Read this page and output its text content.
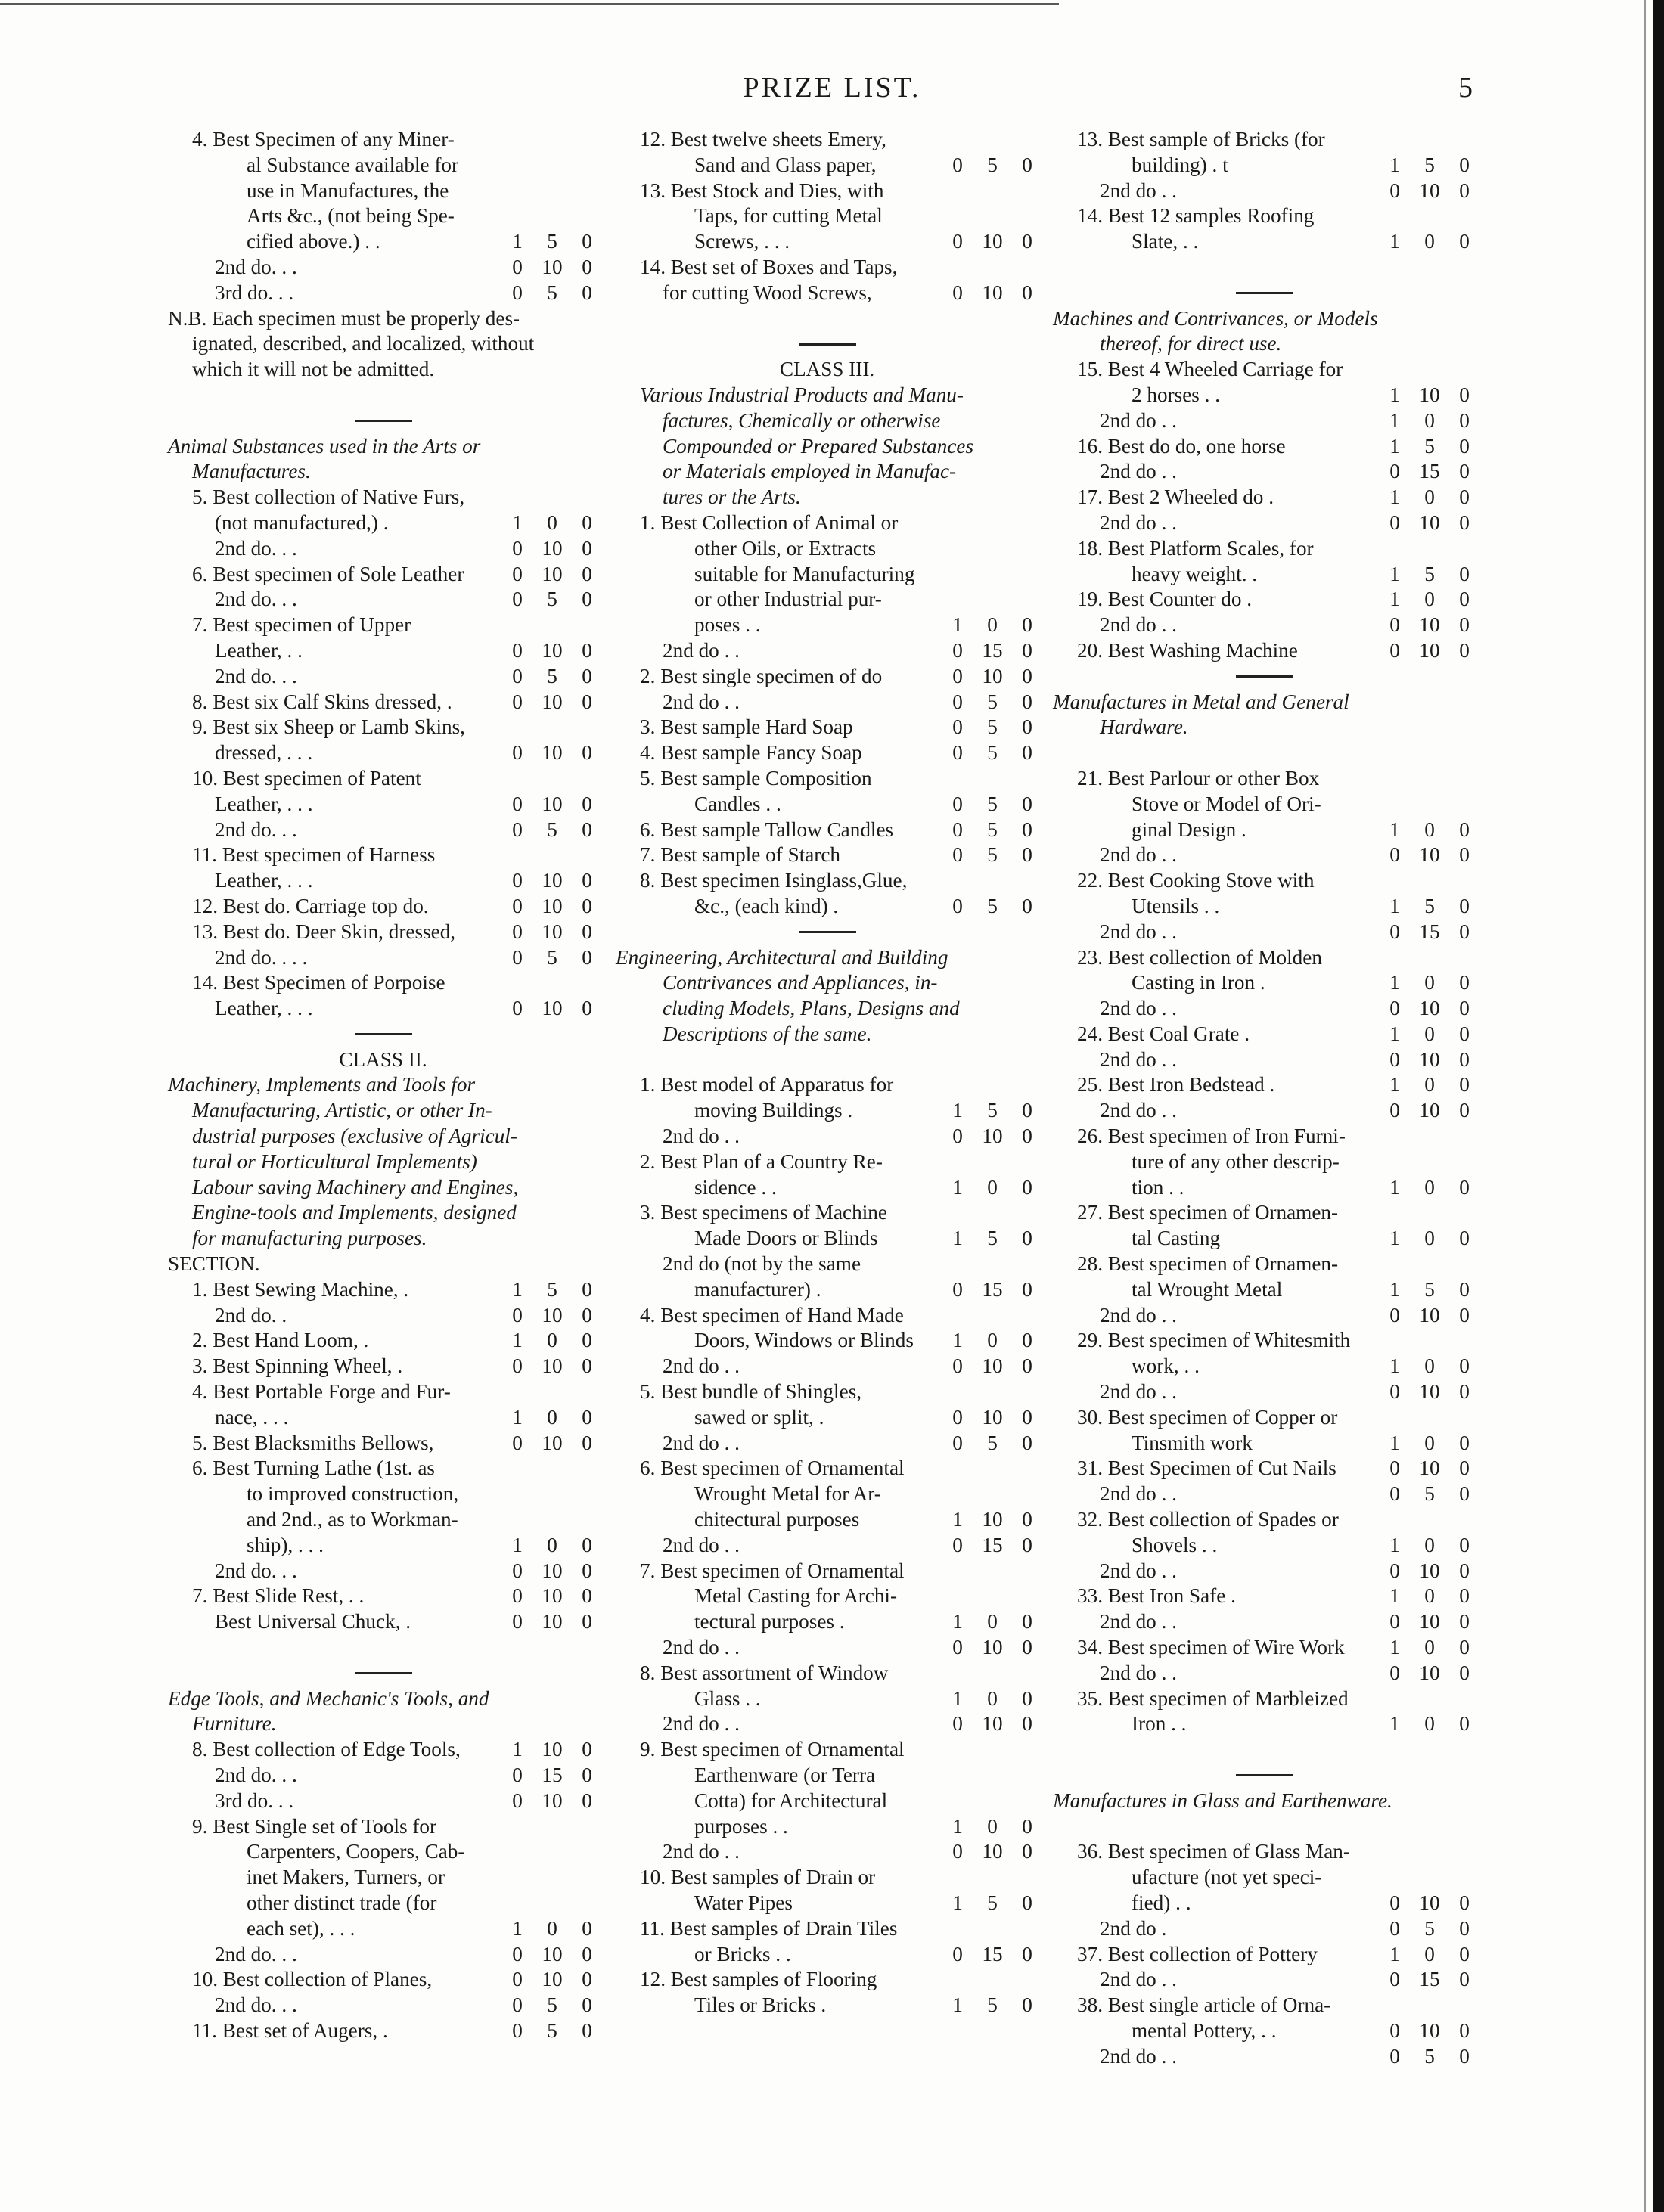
PRIZE LIST.	5
4. Best Specimen of any Miner-
al Substance available for
use in Manufactures, the
Arts &c., (not being Spe-
cified above.) . .	1	5	0
2nd do. . .	0 10 0
3rd do. . .	0	5	0
N.B. Each specimen must be properly des-
ignated, described, and localized, without
which it will not be admitted.
Animal Substances used in the Arts or
Manufactures.
5. Best collection of Native Furs,
(not manufactured,) .	1	0	0
2nd do. . .	0 10 0
6. Best specimen of Sole Leather	0 10 0
2nd do. . .	0	5	0
7. Best specimen of Upper
Leather, . .	0 10 0
2nd do. . .	0	5	0
8. Best six Calf Skins dressed, .	0 10 0
9. Best six Sheep or Lamb Skins,
dressed, . . .	0 10 0
10. Best specimen of Patent
Leather, . . .	0 10 0
2nd do. . .	0	5	0
11. Best specimen of Harness
Leather, . . .	0 10 0
12. Best do. Carriage top do.	0 10 0
13. Best do. Deer Skin, dressed,	0 10 0
2nd do. . . .	0	5	0
14. Best Specimen of Porpoise
Leather, . . .	0 10 0
CLASS II.
Machinery, Implements and Tools for
Manufacturing, Artistic, or other In-
dustrial purposes (exclusive of Agricul-
tural or Horticultural Implements)
Labour saving Machinery and Engines,
Engine-tools and Implements, designed
for manufacturing purposes.
SECTION.
1. Best Sewing Machine, .	1	5	0
2nd do. .	0 10 0
2. Best Hand Loom, .	1	0	0
3. Best Spinning Wheel, .	0 10 0
4. Best Portable Forge and Fur-
nace, . . .	1	0	0
5. Best Blacksmiths Bellows,	0 10 0
6. Best Turning Lathe (1st. as
to improved construction,
and 2nd., as to Workman-
ship), . . .	1	0	0
2nd do. . .	0 10 0
7. Best Slide Rest, . .	0 10 0
Best Universal Chuck, .	0 10 0
Edge Tools, and Mechanic's Tools, and
Furniture.
8. Best collection of Edge Tools,	1 10 0
2nd do. . .	0 15 0
3rd do. . .	0 10 0
9. Best Single set of Tools for
Carpenters, Coopers, Cab-
inet Makers, Turners, or
other distinct trade (for
each set), . . .	1	0	0
2nd do. . .	0 10 0
10. Best collection of Planes,	0 10 0
2nd do. . .	0	5	0
11. Best set of Augers, .	0	5	0
12. Best twelve sheets Emery,
Sand and Glass paper,	0	5	0
13. Best Stock and Dies, with
Taps, for cutting Metal
Screws, . . .	0 10 0
14. Best set of Boxes and Taps,
for cutting Wood Screws,	0 10 0
CLASS III.
Various Industrial Products and Manu-
factures, Chemically or otherwise
Compounded or Prepared Substances
or Materials employed in Manufac-
tures or the Arts.
1. Best Collection of Animal or
other Oils, or Extracts
suitable for Manufacturing
or other Industrial pur-
poses . .	1	0	0
2nd do . .	0 15 0
2. Best single specimen of do	0 10 0
2nd do . .	0	5	0
3. Best sample Hard Soap	0	5	0
4. Best sample Fancy Soap	0	5	0
5. Best sample Composition
Candles . .	0	5	0
6. Best sample Tallow Candles	0	5	0
7. Best sample of Starch	0	5	0
8. Best specimen Isinglass,Glue,
&c., (each kind) .	0	5	0
Engineering, Architectural and Building
Contrivances and Appliances, in-
cluding Models, Plans, Designs and
Descriptions of the same.
1. Best model of Apparatus for
moving Buildings .	1	5	0
2nd do . .	0 10 0
2. Best Plan of a Country Re-
sidence . .	1	0	0
3. Best specimens of Machine
Made Doors or Blinds	1	5	0
2nd do (not by the same
manufacturer) .	0 15 0
4. Best specimen of Hand Made
Doors, Windows or Blinds	1	0	0
2nd do . .	0 10 0
5. Best bundle of Shingles,
sawed or split, .	0 10 0
2nd do . .	0	5	0
6. Best specimen of Ornamental
Wrought Metal for Ar-
chitectural purposes	1 10 0
2nd do . .	0 15 0
7. Best specimen of Ornamental
Metal Casting for Archi-
tectural purposes .	1	0	0
2nd do . .	0 10 0
8. Best assortment of Window
Glass . .	1	0	0
2nd do . .	0 10 0
9. Best specimen of Ornamental
Earthenware (or Terra
Cotta) for Architectural
purposes . .	1	0	0
2nd do . .	0 10 0
10. Best samples of Drain or
Water Pipes	1	5	0
11. Best samples of Drain Tiles
or Bricks . .	0 15 0
12. Best samples of Flooring
Tiles or Bricks .	1	5	0
13. Best sample of Bricks (for
building) . t	1	5	0
2nd do . .	0 10 0
14. Best 12 samples Roofing
Slate, . .	1	0	0
Machines and Contrivances, or Models
thereof, for direct use.
15. Best 4 Wheeled Carriage for
2 horses . .	1 10 0
2nd do . .	1	0	0
16. Best do do, one horse	1	5	0
2nd do . .	0 15 0
17. Best 2 Wheeled do .	1	0	0
2nd do . .	0 10 0
18. Best Platform Scales, for
heavy weight. .	1	5	0
19. Best Counter do .	1	0	0
2nd do . .	0 10 0
20. Best Washing Machine	0 10 0
Manufactures in Metal and General
Hardware.
21. Best Parlour or other Box
Stove or Model of Ori-
ginal Design .	1	0	0
2nd do . .	0 10 0
22. Best Cooking Stove with
Utensils . .	1	5	0
2nd do . .	0 15 0
23. Best collection of Molden
Casting in Iron .	1	0	0
2nd do . .	0 10 0
24. Best Coal Grate .	1	0	0
2nd do . .	0 10 0
25. Best Iron Bedstead .	1	0	0
2nd do . .	0 10 0
26. Best specimen of Iron Furni-
ture of any other descrip-
tion . .	1	0	0
27. Best specimen of Ornamen-
tal Casting	1	0	0
28. Best specimen of Ornamen-
tal Wrought Metal	1	5	0
2nd do . .	0 10 0
29. Best specimen of Whitesmith
work, . .	1	0	0
2nd do . .	0 10 0
30. Best specimen of Copper or
Tinsmith work	1	0	0
31. Best Specimen of Cut Nails	0 10 0
2nd do . .	0	5	0
32. Best collection of Spades or
Shovels . .	1	0	0
2nd do . .	0 10 0
33. Best Iron Safe .	1	0	0
2nd do . .	0 10 0
34. Best specimen of Wire Work	1	0	0
2nd do . .	0 10 0
35. Best specimen of Marbleized
Iron . .	1	0	0
Manufactures in Glass and Earthenware.
36. Best specimen of Glass Man-
ufacture (not yet speci-
fied) . .	0 10 0
2nd do .	0	5	0
37. Best collection of Pottery	1	0	0
2nd do . .	0 15 0
38. Best single article of Orna-
mental Pottery, . .	0 10 0
2nd do . .	0	5	0
